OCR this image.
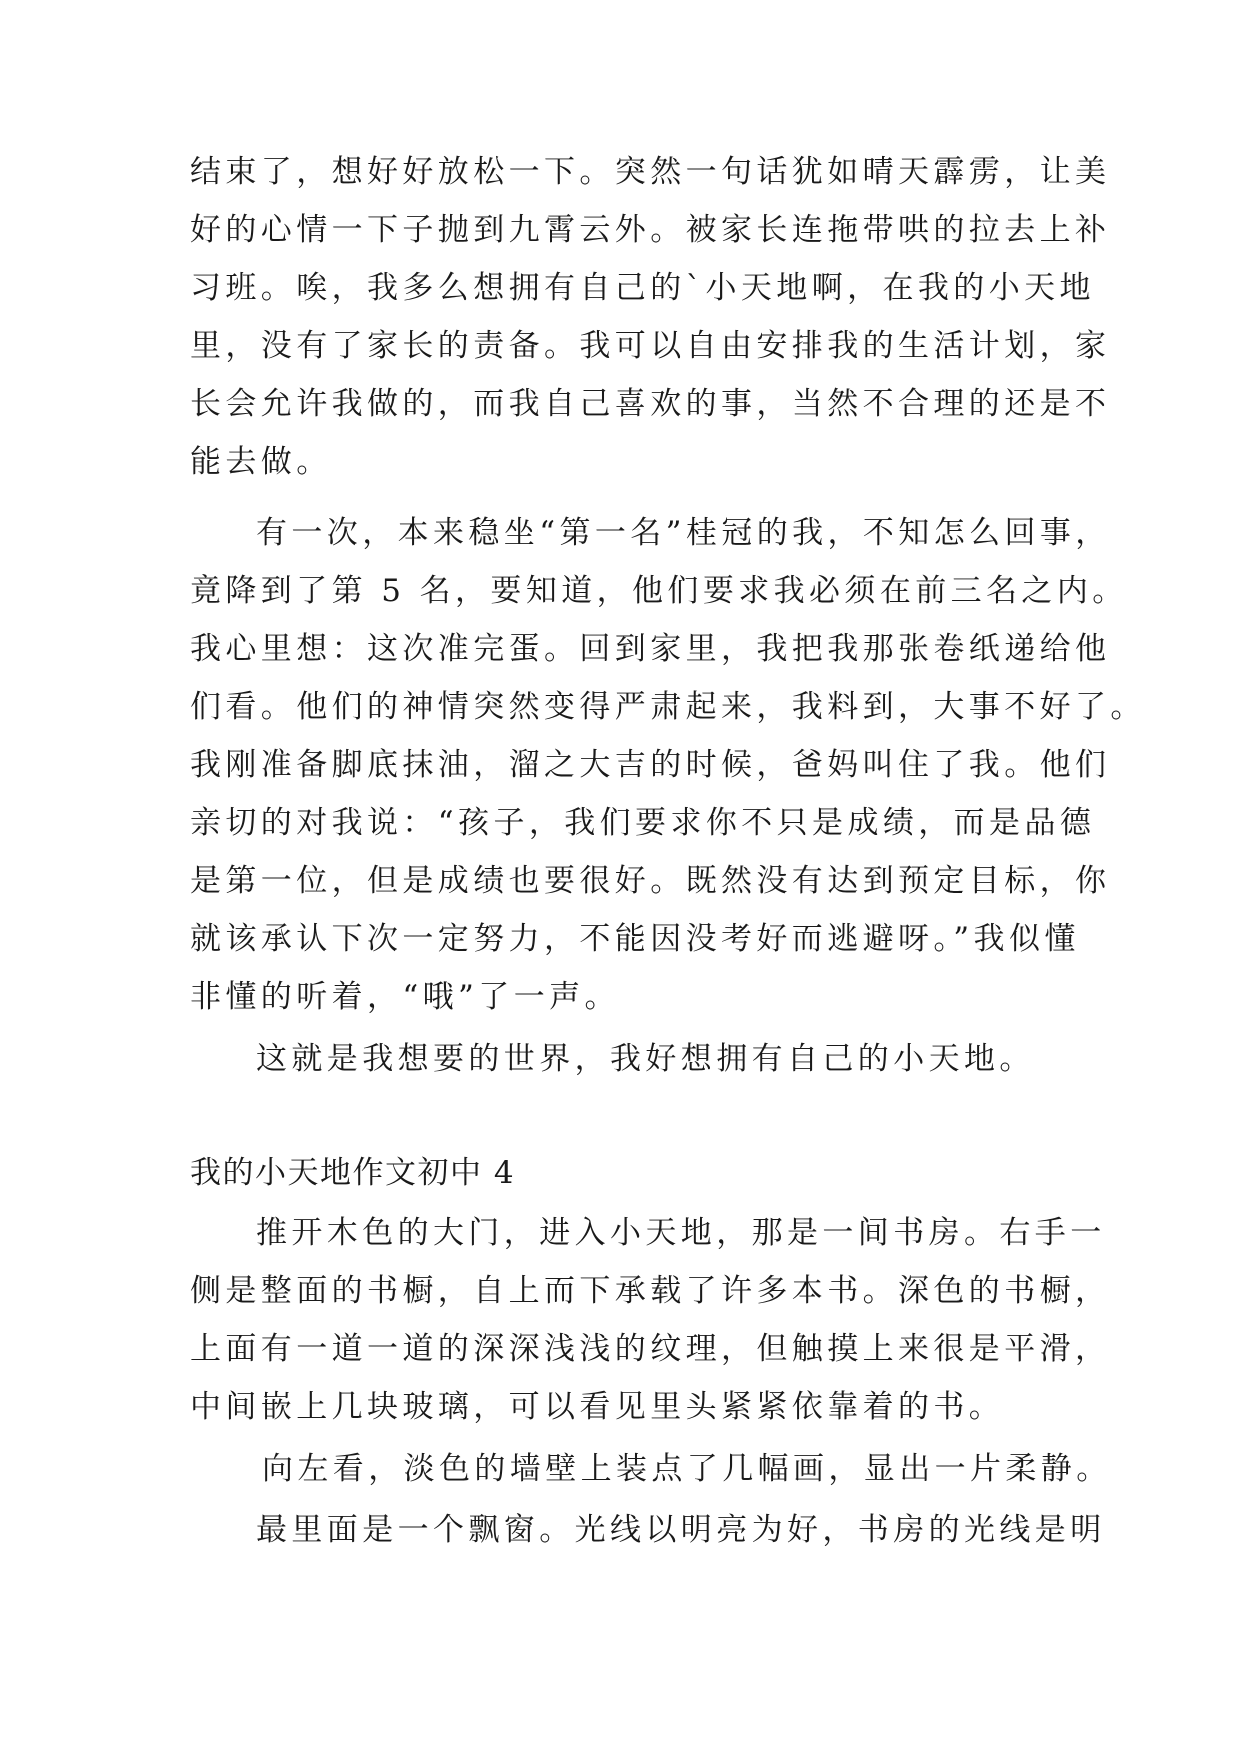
结束了，想好好放松一下。突然一句话犹如晴天霹雳，让美
好的心情一下子抛到九霄云外。被家长连拖带哄的拉去上补
习班。唉，我多么想拥有自己的`小天地啊，在我的小天地
里，没有了家长的责备。我可以自由安排我的生活计划，家
长会允许我做的，而我自己喜欢的事，当然不合理的还是不
能去做。
有一次，本来稳坐“第一名”桂冠的我，不知怎么回事，
竟降到了第 5 名，要知道，他们要求我必须在前三名之内。
我心里想：这次准完蛋。回到家里，我把我那张卷纸递给他
们看。他们的神情突然变得严肃起来，我料到，大事不好了。
我刚准备脚底抹油，溜之大吉的时候，爸妈叫住了我。他们
亲切的对我说：“孩子，我们要求你不只是成绩，而是品德
是第一位，但是成绩也要很好。既然没有达到预定目标，你
就该承认下次一定努力，不能因没考好而逃避呀。”我似懂
非懂的听着，“哦”了一声。
这就是我想要的世界，我好想拥有自己的小天地。
我的小天地作文初中 4
推开木色的大门，进入小天地，那是一间书房。右手一
侧是整面的书橱，自上而下承载了许多本书。深色的书橱，
上面有一道一道的深深浅浅的纹理，但触摸上来很是平滑，
中间嵌上几块玻璃，可以看见里头紧紧依靠着的书。
向左看，淡色的墙壁上装点了几幅画，显出一片柔静。
最里面是一个飘窗。光线以明亮为好，书房的光线是明
